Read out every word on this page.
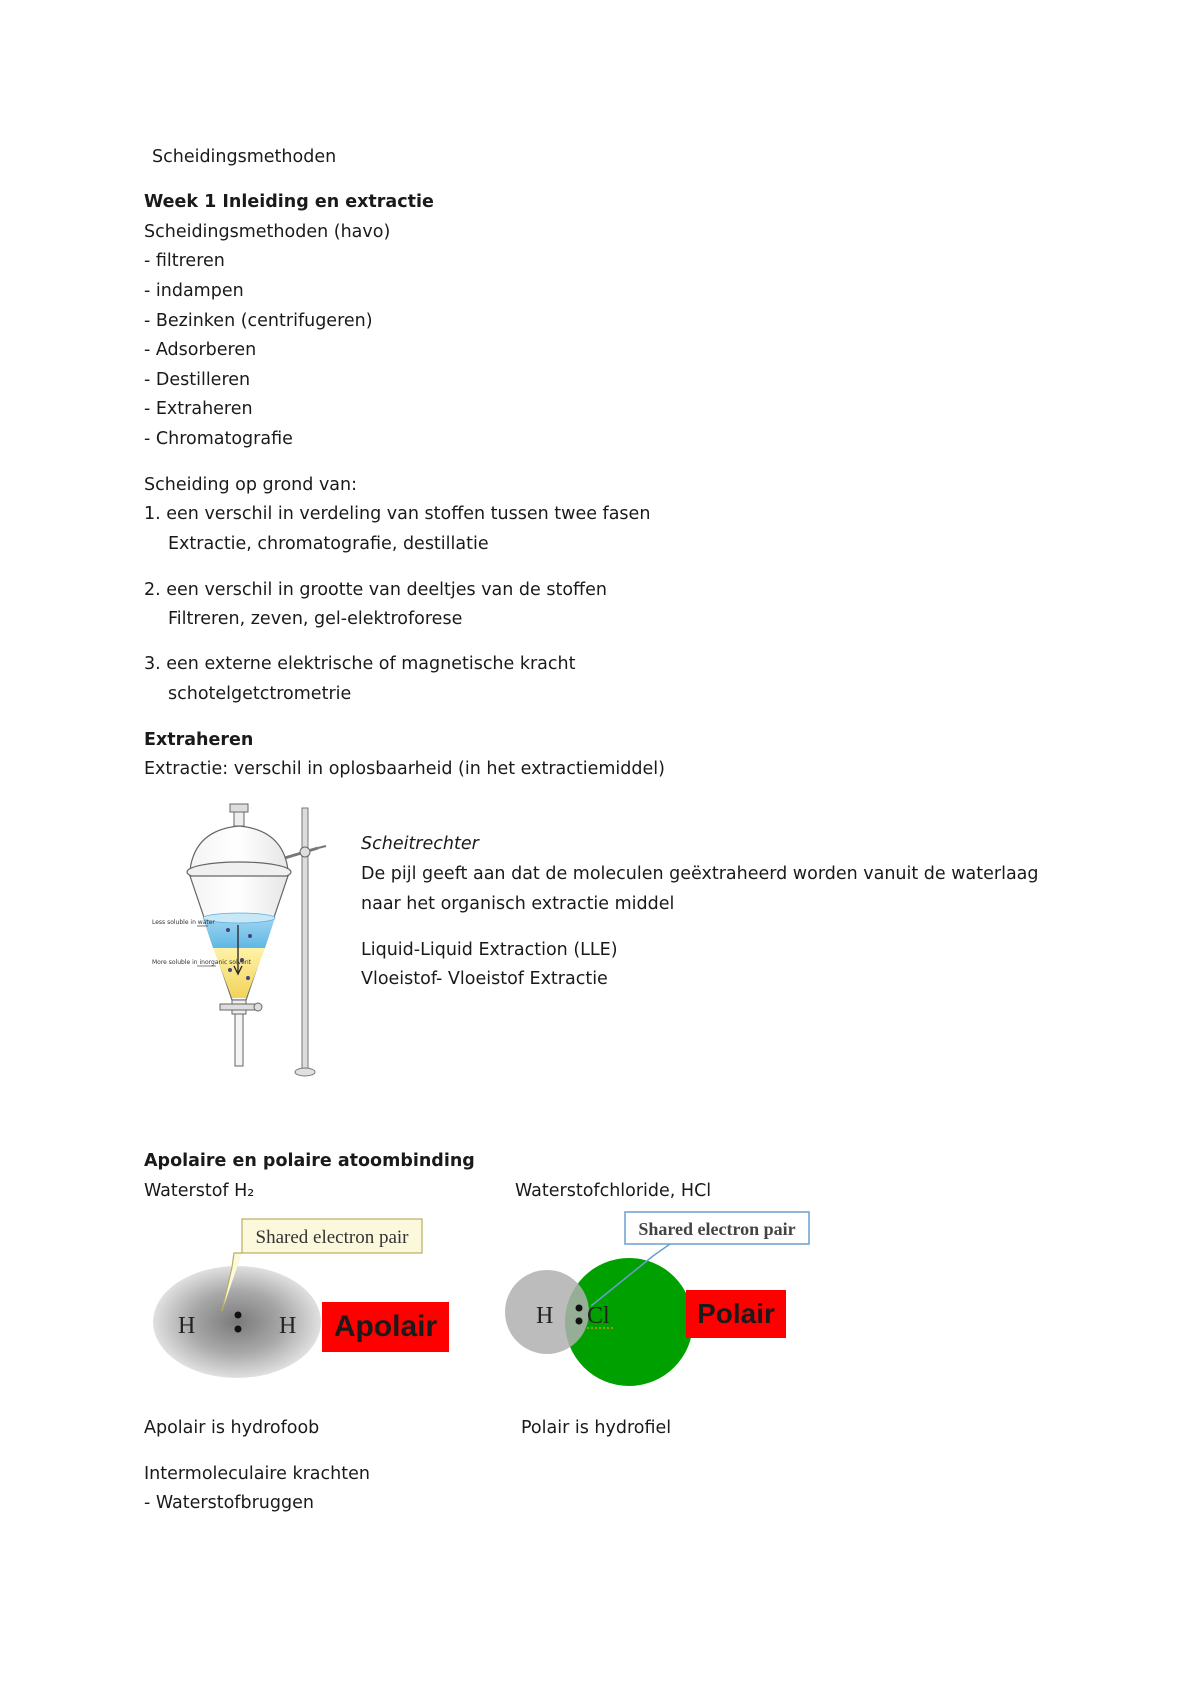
Scheidingsmethoden
Week 1 Inleiding en extractie
Scheidingsmethoden (havo)
- filtreren
- indampen
- Bezinken (centrifugeren)
- Adsorberen
- Destilleren
- Extraheren
- Chromatografie
Scheiding op grond van:
1. een verschil in verdeling van stoffen tussen twee fasen
Extractie, chromatografie, destillatie
2. een verschil in grootte van deeltjes van de stoffen
Filtreren, zeven, gel-elektroforese
3. een externe elektrische of magnetische kracht
schotelgetctrometrie
Extraheren
Extractie: verschil in oplosbaarheid (in het extractiemiddel)
Less soluble in water
More soluble in inorganic solvent
Scheitrechter
De pijl geeft aan dat de moleculen geëxtraheerd worden vanuit de waterlaag
naar het organisch extractie middel
Liquid-Liquid Extraction (LLE)
Vloeistof- Vloeistof Extractie
Apolaire en polaire atoombinding
Waterstof H₂	Waterstofchloride, HCl
Shared electron pair
H	H	Apolair
Shared electron pair
H Cl	Polair
Apolair is hydrofoob	Polair is hydrofiel
Intermoleculaire krachten
- Waterstofbruggen
